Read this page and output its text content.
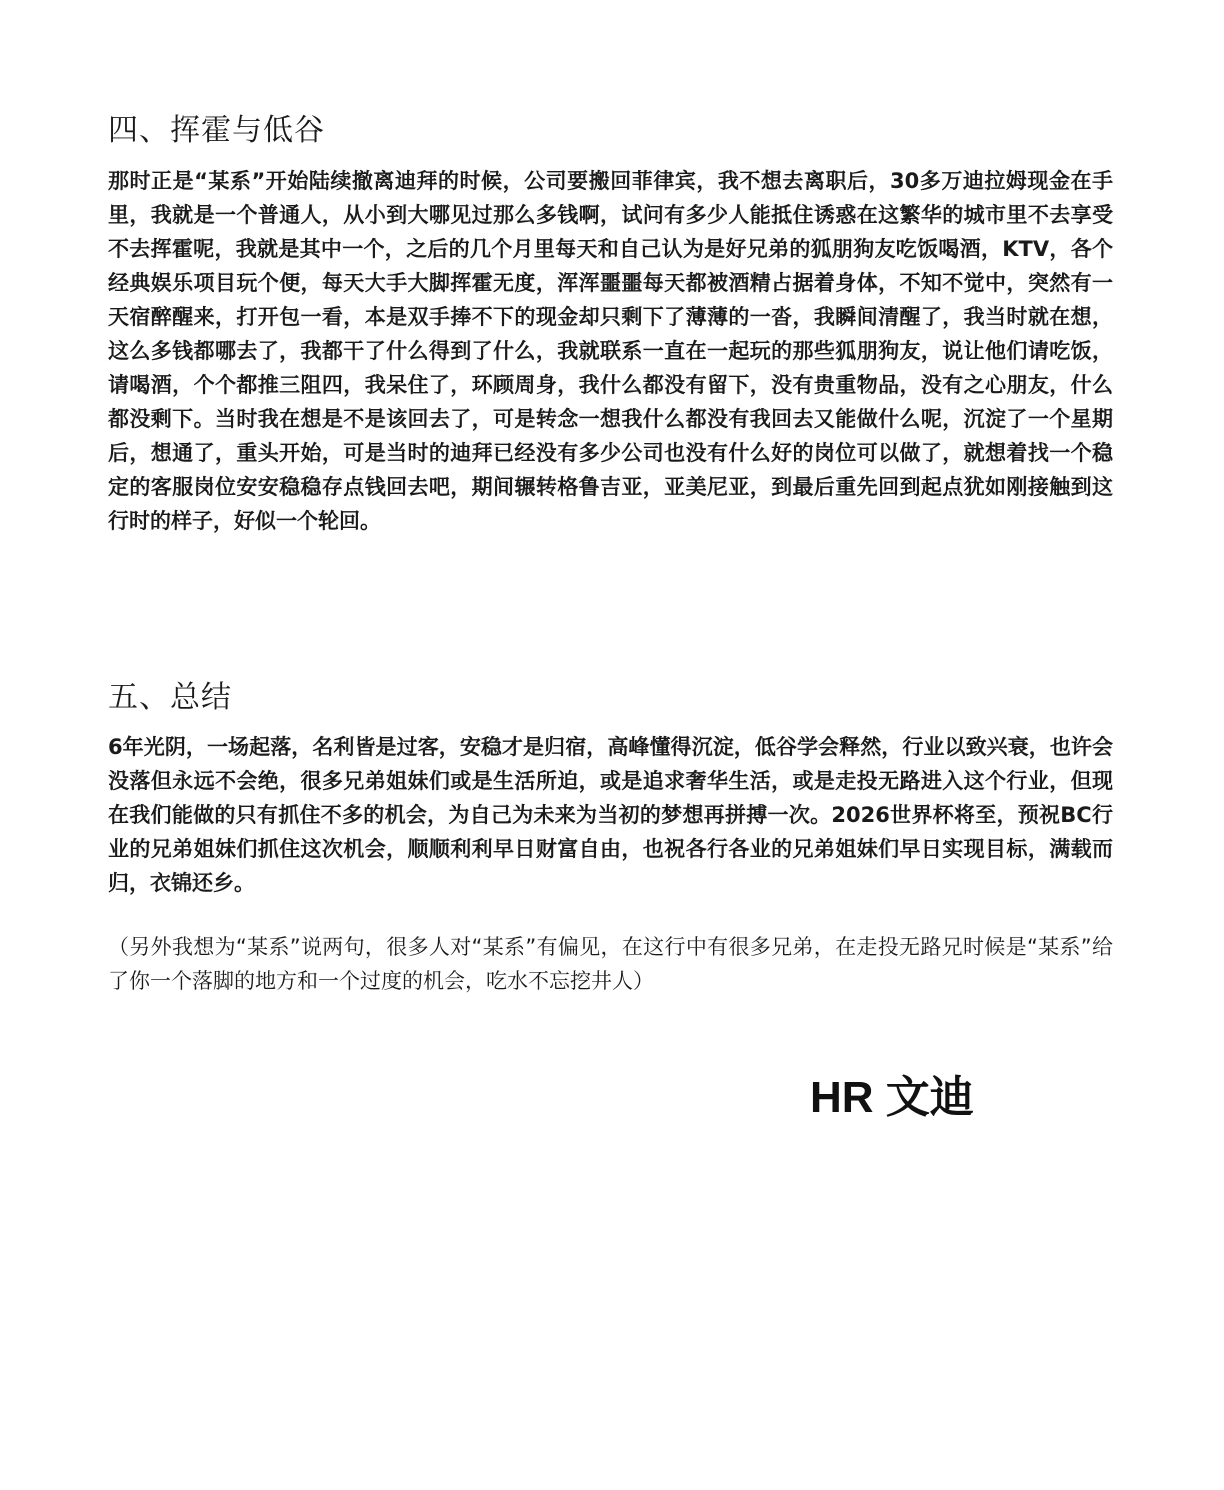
四、挥霍与低谷

那时正是“某系”开始陆续撤离迪拜的时候，公司要搬回菲律宾，我不想去离职后，30多万迪拉姆现金在手里，我就是一个普通人，从小到大哪见过那么多钱啊，试问有多少人能抵住诱惑在这繁华的城市里不去享受不去挥霍呢，我就是其中一个，之后的几个月里每天和自己认为是好兄弟的狐朋狗友吃饭喝酒，KTV，各个经典娱乐项目玩个便，每天大手大脚挥霍无度，浑浑噩噩每天都被酒精占据着身体，不知不觉中，突然有一天宿醉醒来，打开包一看，本是双手捧不下的现金却只剩下了薄薄的一沓，我瞬间清醒了，我当时就在想，这么多钱都哪去了，我都干了什么得到了什么，我就联系一直在一起玩的那些狐朋狗友，说让他们请吃饭，请喝酒，个个都推三阻四，我呆住了，环顾周身，我什么都没有留下，没有贵重物品，没有之心朋友，什么都没剩下。当时我在想是不是该回去了，可是转念一想我什么都没有我回去又能做什么呢，沉淀了一个星期后，想通了，重头开始，可是当时的迪拜已经没有多少公司也没有什么好的岗位可以做了，就想着找一个稳定的客服岗位安安稳稳存点钱回去吧，期间辗转格鲁吉亚，亚美尼亚，到最后重先回到起点犹如刚接触到这行时的样子，好似一个轮回。

五、总结

6年光阴，一场起落，名利皆是过客，安稳才是归宿，高峰懂得沉淀，低谷学会释然，行业以致兴衰，也许会没落但永远不会绝，很多兄弟姐妹们或是生活所迫，或是追求奢华生活，或是走投无路进入这个行业，但现在我们能做的只有抓住不多的机会，为自己为未来为当初的梦想再拼搏一次。2026世界杯将至，预祝BC行业的兄弟姐妹们抓住这次机会，顺顺利利早日财富自由，也祝各行各业的兄弟姐妹们早日实现目标，满载而归，衣锦还乡。

（另外我想为“某系”说两句，很多人对“某系”有偏见，在这行中有很多兄弟，在走投无路兄时候是“某系”给了你一个落脚的地方和一个过度的机会，吃水不忘挖井人）

HR 文迪
